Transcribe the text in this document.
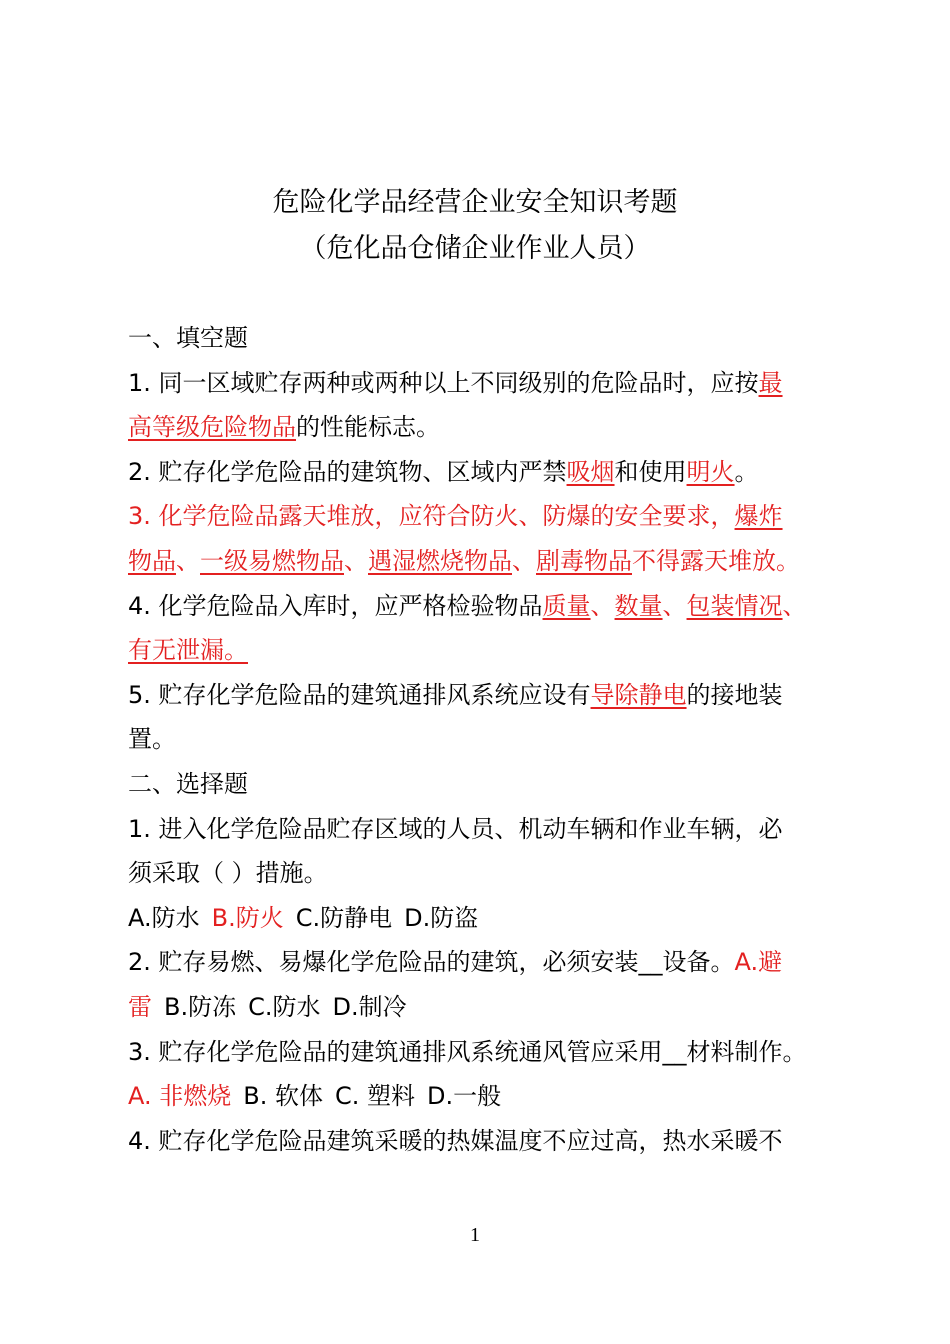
危险化学品经营企业安全知识考题
（危化品仓储企业作业人员）
一、填空题
1. 同一区域贮存两种或两种以上不同级别的危险品时，应按最
高等级危险物品的性能标志。
2. 贮存化学危险品的建筑物、区域内严禁吸烟和使用明火。
3. 化学危险品露天堆放，应符合防火、防爆的安全要求，爆炸
物品、一级易燃物品、遇湿燃烧物品、剧毒物品不得露天堆放。
4. 化学危险品入库时，应严格检验物品质量、数量、包装情况、
有无泄漏。
5. 贮存化学危险品的建筑通排风系统应设有导除静电的接地装
置。
二、选择题
1. 进入化学危险品贮存区域的人员、机动车辆和作业车辆，必
须采取（ ）措施。
A.防水 B.防火 C.防静电 D.防盗
2. 贮存易燃、易爆化学危险品的建筑，必须安装__设备。A.避
雷 B.防冻 C.防水 D.制冷
3. 贮存化学危险品的建筑通排风系统通风管应采用__材料制作。
A. 非燃烧 B. 软体 C. 塑料 D.一般
4. 贮存化学危险品建筑采暖的热媒温度不应过高，热水采暖不
1
